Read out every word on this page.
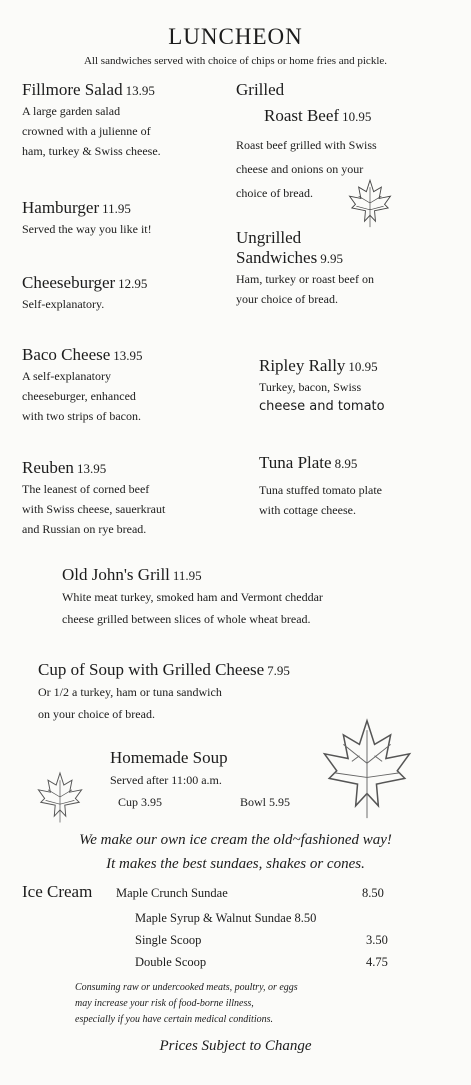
LUNCHEON
All sandwiches served with choice of chips or home fries and pickle.
Fillmore Salad 13.95
A large garden salad
crowned with a julienne of
ham, turkey & Swiss cheese.
Hamburger 11.95
Served the way you like it!
Cheeseburger 12.95
Self-explanatory.
Baco Cheese 13.95
A self-explanatory
cheeseburger, enhanced
with two strips of bacon.
Reuben 13.95
The leanest of corned beef
with Swiss cheese, sauerkraut
and Russian on rye bread.
Grilled
Roast Beef 10.95
Roast beef grilled with Swiss
cheese and onions on your
choice of bread.
Ungrilled
Sandwiches 9.95
Ham, turkey or roast beef on
your choice of bread.
Ripley Rally 10.95
Turkey, bacon, Swiss
cheese and tomato
Tuna Plate 8.95
Tuna stuffed tomato plate
with cottage cheese.
Old John's Grill 11.95
White meat turkey, smoked ham and Vermont cheddar
cheese grilled between slices of whole wheat bread.
Cup of Soup with Grilled Cheese 7.95
Or 1/2 a turkey, ham or tuna sandwich
on your choice of bread.
Homemade Soup
Served after 11:00 a.m.
Cup 3.95	Bowl 5.95
We make our own ice cream the old~fashioned way!
It makes the best sundaes, shakes or cones.
Ice Cream Maple Crunch Sundae	8.50
Maple Syrup & Walnut Sundae 8.50
Single Scoop	3.50
Double Scoop	4.75
Consuming raw or undercooked meats, poultry, or eggs
may increase your risk of food-borne illness,
especially if you have certain medical conditions.
Prices Subject to Change
